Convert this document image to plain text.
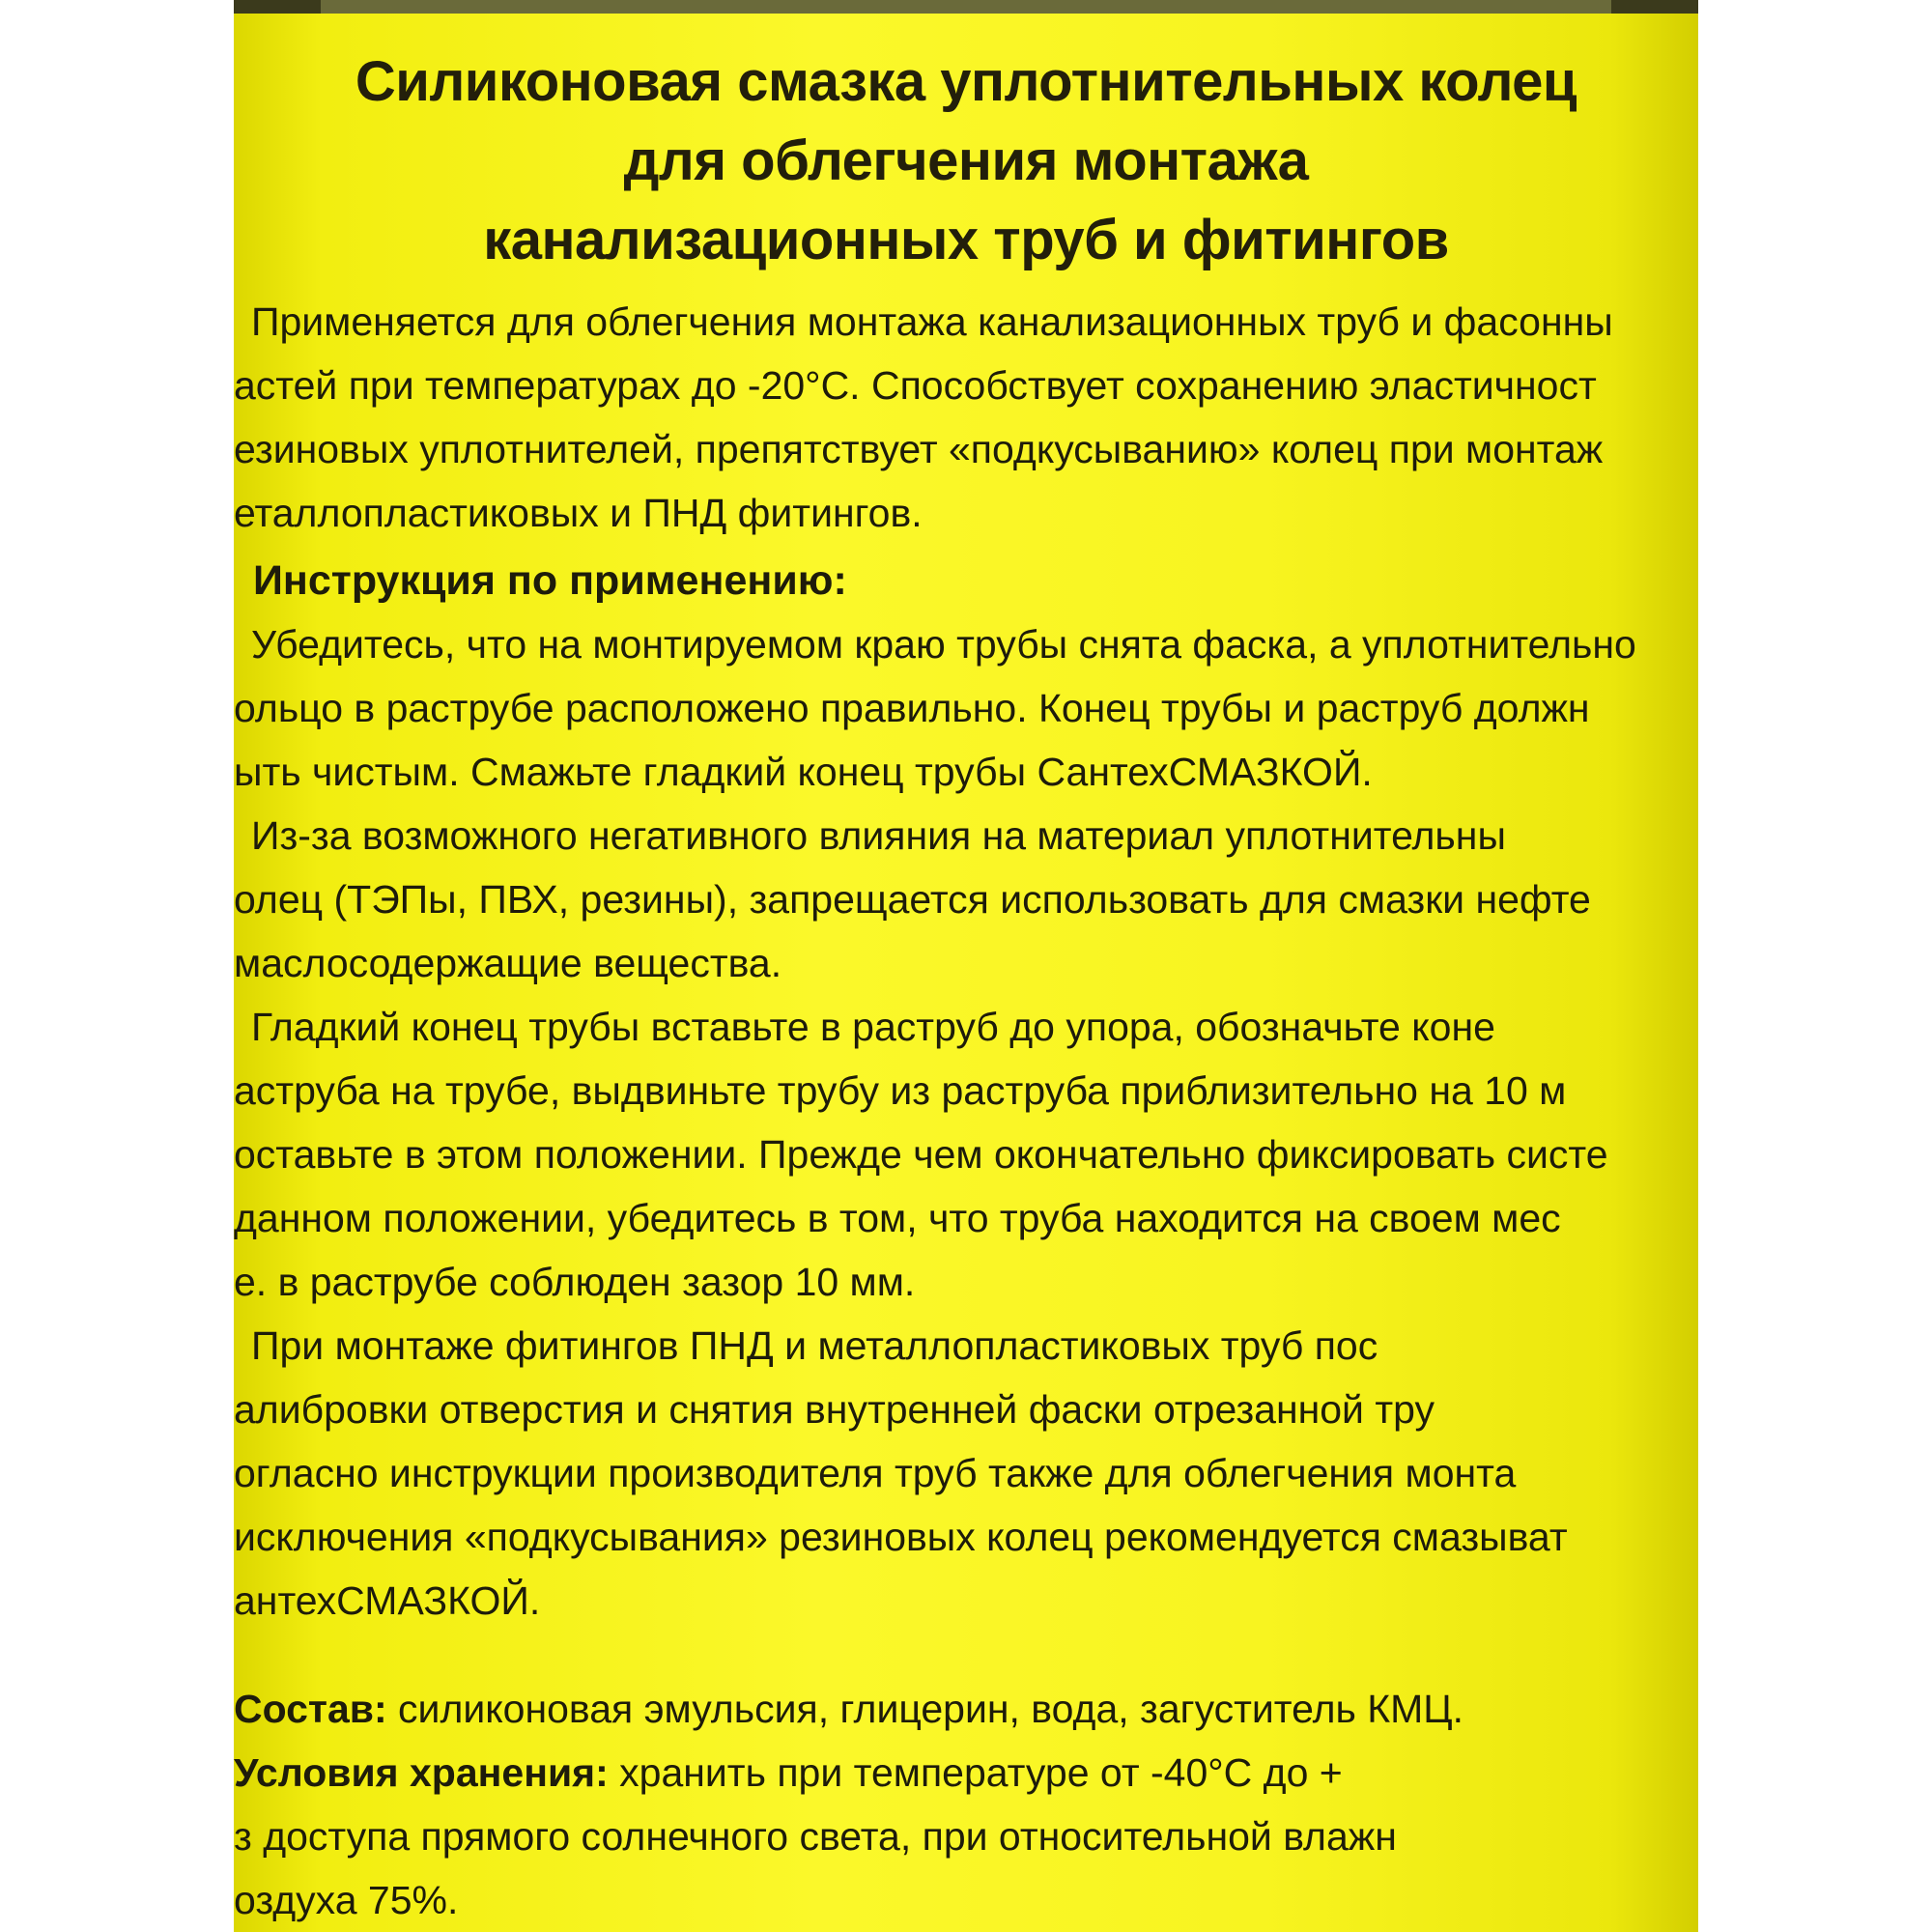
Силиконовая смазка уплотнительных колец
для облегчения монтажа
канализационных труб и фитингов
Применяется для облегчения монтажа канализационных труб и фасонны
астей при температурах до -20°С. Способствует сохранению эластичност
езиновых уплотнителей, препятствует «подкусыванию» колец при монтаж
еталлопластиковых и ПНД фитингов.
Инструкция по применению:
Убедитесь, что на монтируемом краю трубы снята фаска, а уплотнительно
ольцо в раструбе расположено правильно. Конец трубы и раструб должн
ыть чистым. Смажьте гладкий конец трубы СантехСМАЗКОЙ.
Из-за возможного негативного влияния на материал уплотнительны
олец (ТЭПы, ПВХ, резины), запрещается использовать для смазки нефте
маслосодержащие вещества.
Гладкий конец трубы вставьте в раструб до упора, обозначьте коне
аструба на трубе, выдвиньте трубу из раструба приблизительно на 10 м
оставьте в этом положении. Прежде чем окончательно фиксировать систе
данном положении, убедитесь в том, что труба находится на своем мес
е. в раструбе соблюден зазор 10 мм.
При монтаже фитингов ПНД и металлопластиковых труб пос
алибровки отверстия и снятия внутренней фаски отрезанной тру
огласно инструкции производителя труб также для облегчения монта
исключения «подкусывания» резиновых колец рекомендуется смазыват
антехСМАЗКОЙ.
Состав: силиконовая эмульсия, глицерин, вода, загуститель КМЦ.
Условия хранения: хранить при температуре от -40°С до +
з доступа прямого солнечного света, при относительной влажн
оздуха 75%.
